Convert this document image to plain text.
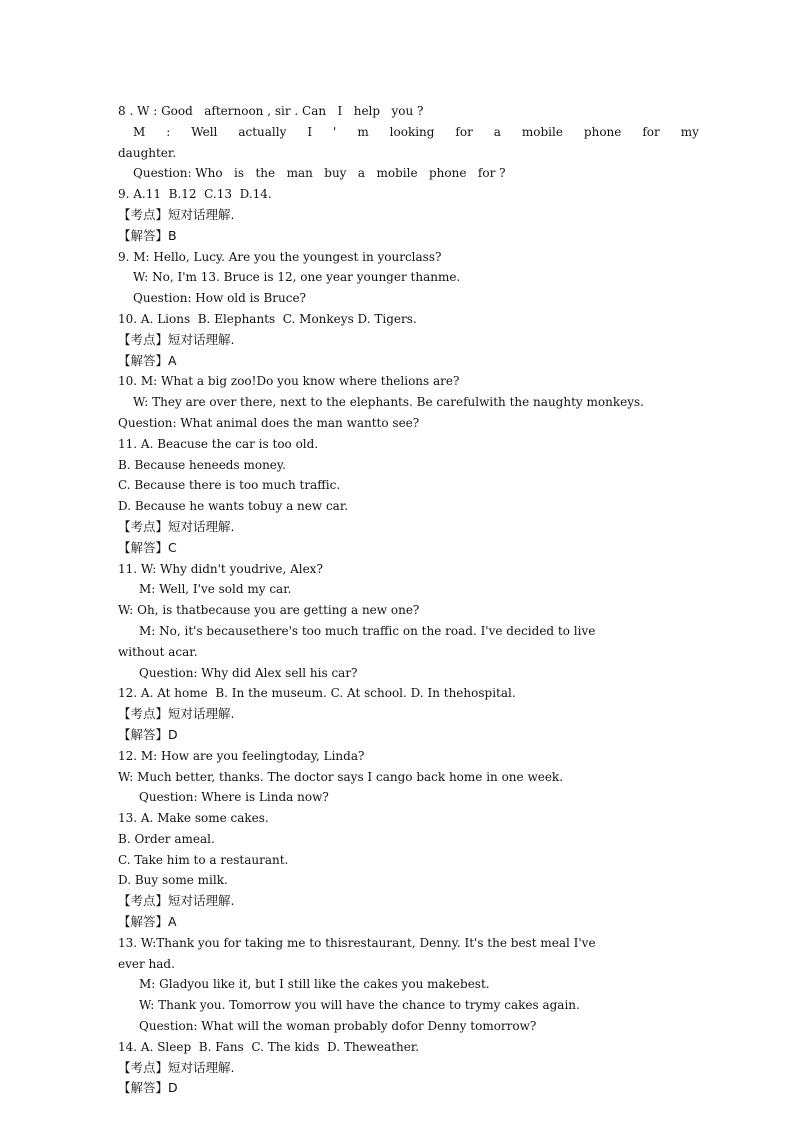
8 . W : Good   afternoon , sir . Can   I   help   you ?
M : Well actually I ' m looking for a mobile phone for my
daughter.
Question: Who   is   the   man   buy   a   mobile   phone   for ?
9. A.11  B.12  C.13  D.14.
【考点】短对话理解.
【解答】B
9. M: Hello, Lucy. Are you the youngest in yourclass?
W: No, I'm 13. Bruce is 12, one year younger thanme.
Question: How old is Bruce?
10. A. Lions  B. Elephants  C. Monkeys D. Tigers.
【考点】短对话理解.
【解答】A
10. M: What a big zoo!Do you know where thelions are?
W: They are over there, next to the elephants. Be carefulwith the naughty monkeys.
Question: What animal does the man wantto see?
11. A. Beacuse the car is too old.
B. Because heneeds money.
C. Because there is too much traffic.
D. Because he wants tobuy a new car.
【考点】短对话理解.
【解答】C
11. W: Why didn't youdrive, Alex?
M: Well, I've sold my car.
W: Oh, is thatbecause you are getting a new one?
M: No, it's becausethere's too much traffic on the road. I've decided to live
without acar.
Question: Why did Alex sell his car?
12. A. At home  B. In the museum. C. At school. D. In thehospital.
【考点】短对话理解.
【解答】D
12. M: How are you feelingtoday, Linda?
W: Much better, thanks. The doctor says I cango back home in one week.
Question: Where is Linda now?
13. A. Make some cakes.
B. Order ameal.
C. Take him to a restaurant.
D. Buy some milk.
【考点】短对话理解.
【解答】A
13. W:Thank you for taking me to thisrestaurant, Denny. It's the best meal I've
ever had.
M: Gladyou like it, but I still like the cakes you makebest.
W: Thank you. Tomorrow you will have the chance to trymy cakes again.
Question: What will the woman probably dofor Denny tomorrow?
14. A. Sleep  B. Fans  C. The kids  D. Theweather.
【考点】短对话理解.
【解答】D
